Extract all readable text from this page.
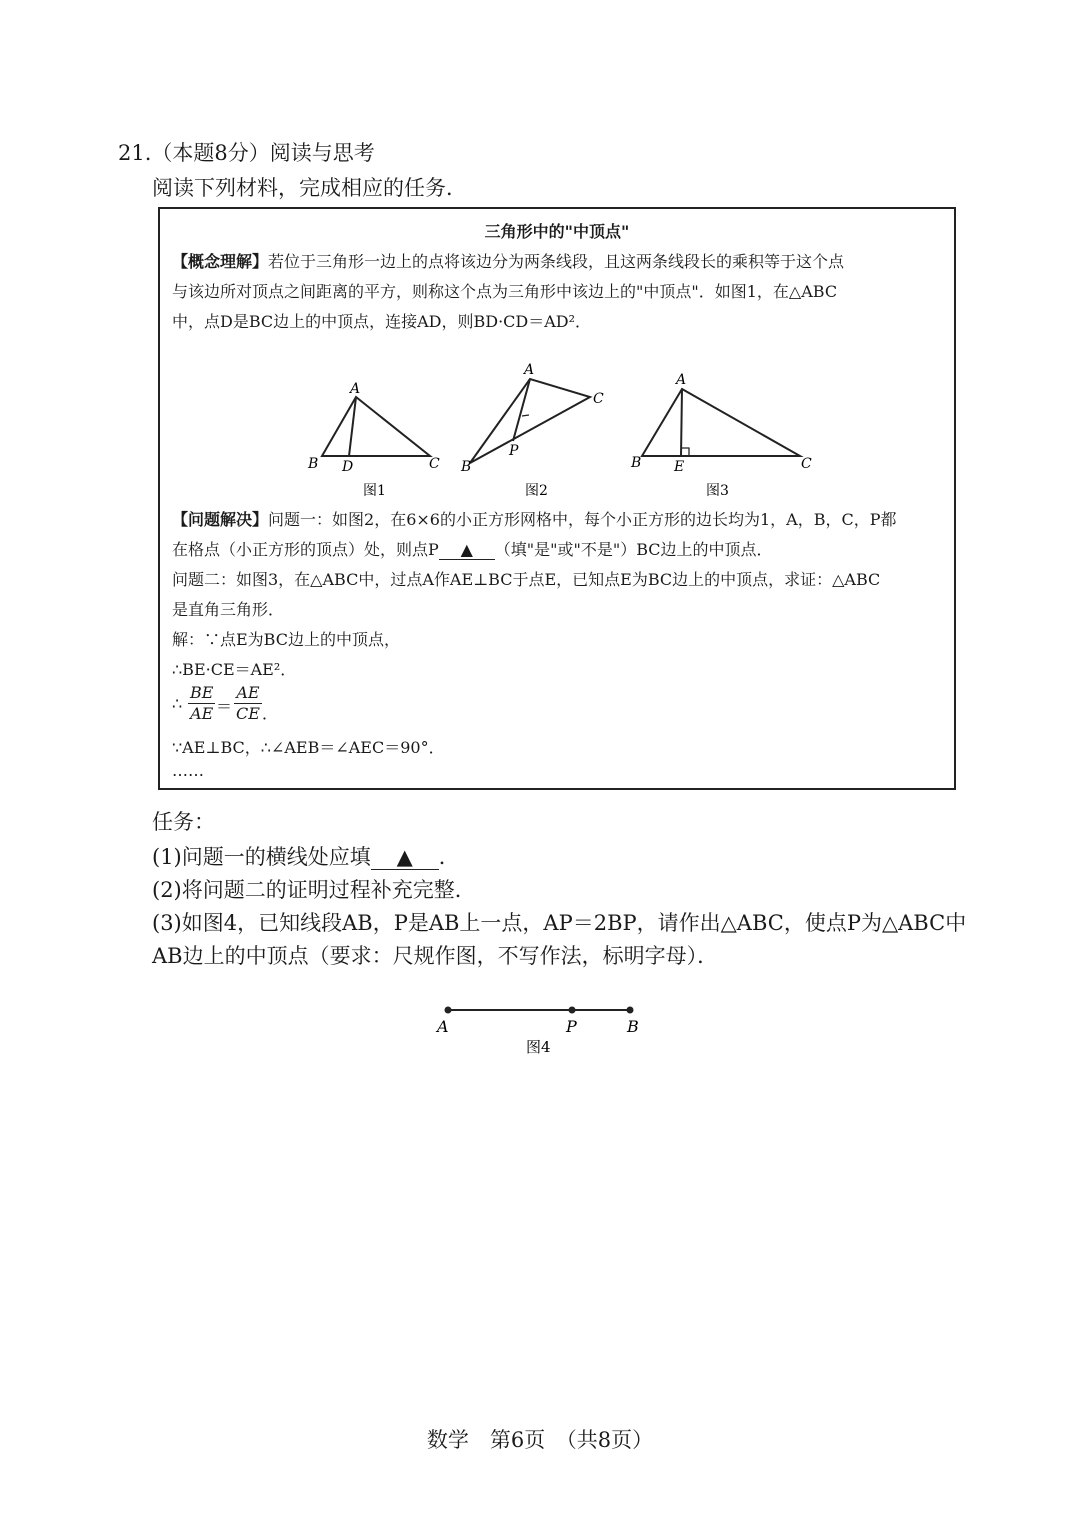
21.（本题8分）阅读与思考
阅读下列材料，完成相应的任务．
三角形中的"中顶点"
【概念理解】若位于三角形一边上的点将该边分为两条线段，且这两条线段长的乘积等于这个点
与该边所对顶点之间距离的平方，则称这个点为三角形中该边上的"中顶点"．如图1，在△ABC
中，点D是BC边上的中顶点，连接AD，则BD·CD＝AD²．
A
B D	C
图1
A
B
C
P
图2
A
B E	C
图3
【问题解决】问题一：如图2，在6×6的小正方形网格中，每个小正方形的边长均为1，A，B，C，P都
在格点（小正方形的顶点）处，则点P ▲ （填"是"或"不是"）BC边上的中顶点．
问题二：如图3，在△ABC中，过点A作AE⊥BC于点E，已知点E为BC边上的中顶点，求证：△ABC
是直角三角形．
解：∵点E为BC边上的中顶点，
∴BE·CE＝AE²．
∴ $\frac{BE}{AE} = \frac{AE}{CE}$ ．
∵AE⊥BC，∴∠AEB＝∠AEC＝90°．
……
任务：
(1)问题一的横线处应填 ▲ ．
(2)将问题二的证明过程补充完整．
(3)如图4，已知线段AB，P是AB上一点，AP＝2BP，请作出△ABC，使点P为△ABC中
AB边上的中顶点（要求：尺规作图，不写作法，标明字母）．
A	P	B
图4
数学　第6页　（共8页）
